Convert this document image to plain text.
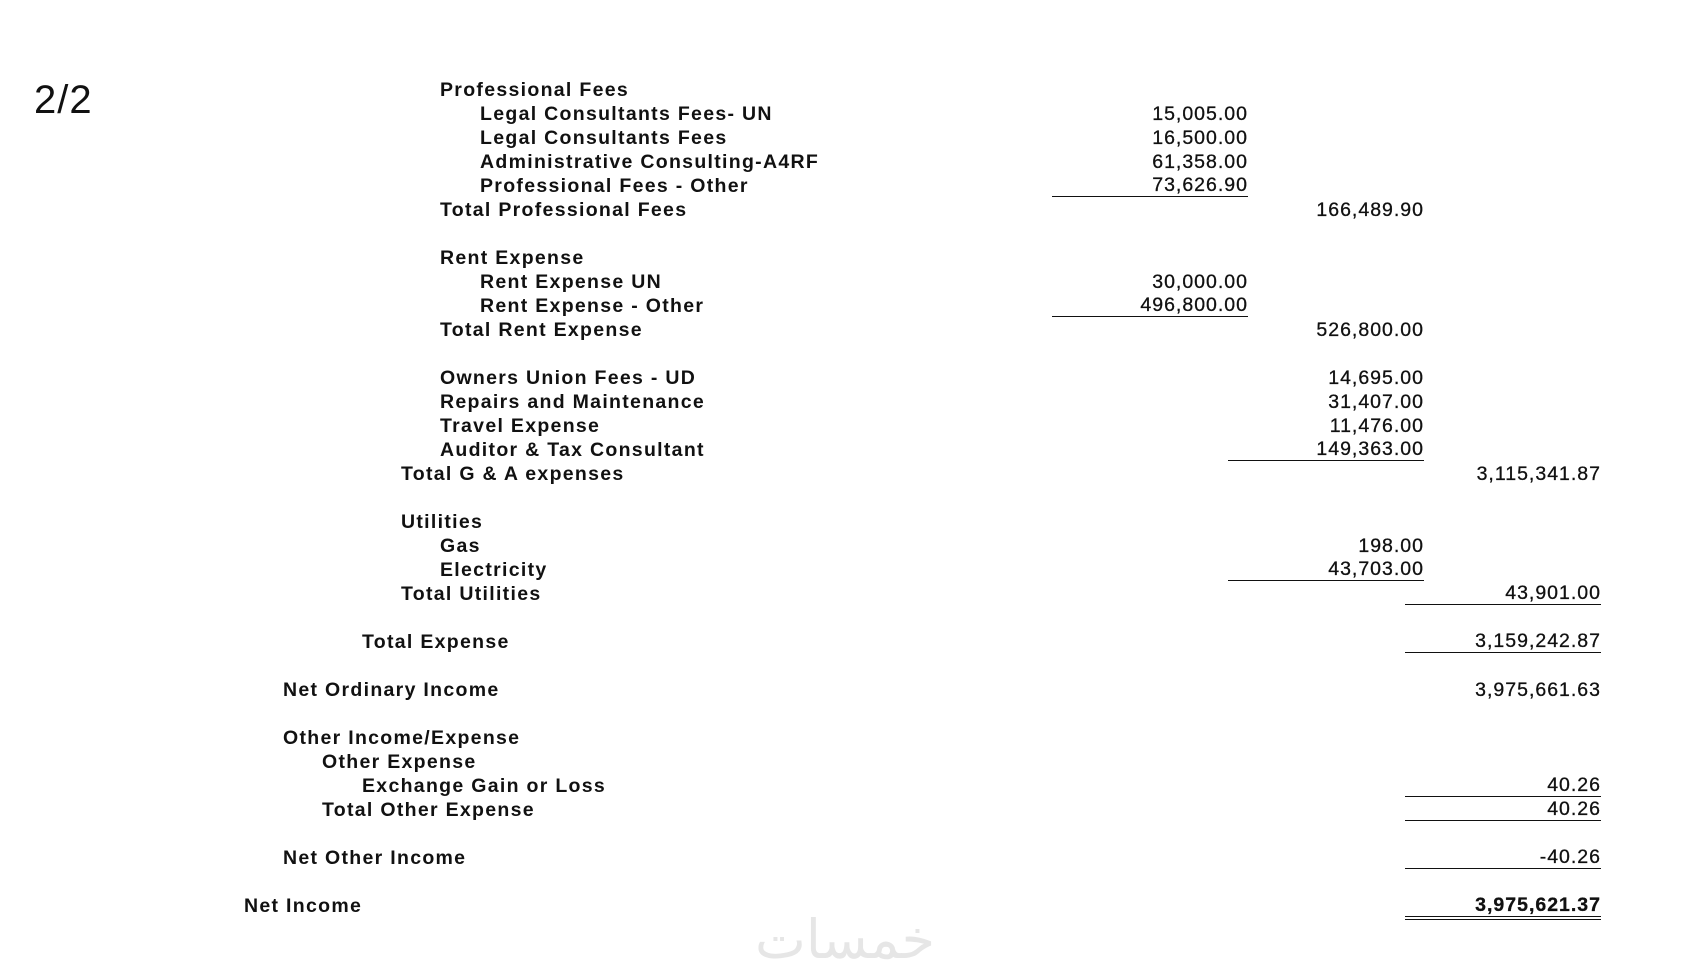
2/2	Professional Fees
Legal Consultants Fees- UN	15,005.00
Legal Consultants Fees	16,500.00
Administrative Consulting-A4RF	61,358.00
Professional Fees - Other	73,626.90
Total Professional Fees	166,489.90
Rent Expense
Rent Expense UN	30,000.00
Rent Expense - Other	496,800.00
Total Rent Expense	526,800.00
Owners Union Fees - UD	14,695.00
Repairs and Maintenance	31,407.00
Travel Expense	11,476.00
Auditor & Tax Consultant	149,363.00
Total G & A expenses	3,115,341.87
Utilities
Gas	198.00
Electricity	43,703.00
Total Utilities	43,901.00
Total Expense	3,159,242.87
Net Ordinary Income	3,975,661.63
Other Income/Expense
Other Expense
Exchange Gain or Loss	40.26
Total Other Expense	40.26
Net Other Income	-40.26
Net Income	3,975,621.37
خمسات
